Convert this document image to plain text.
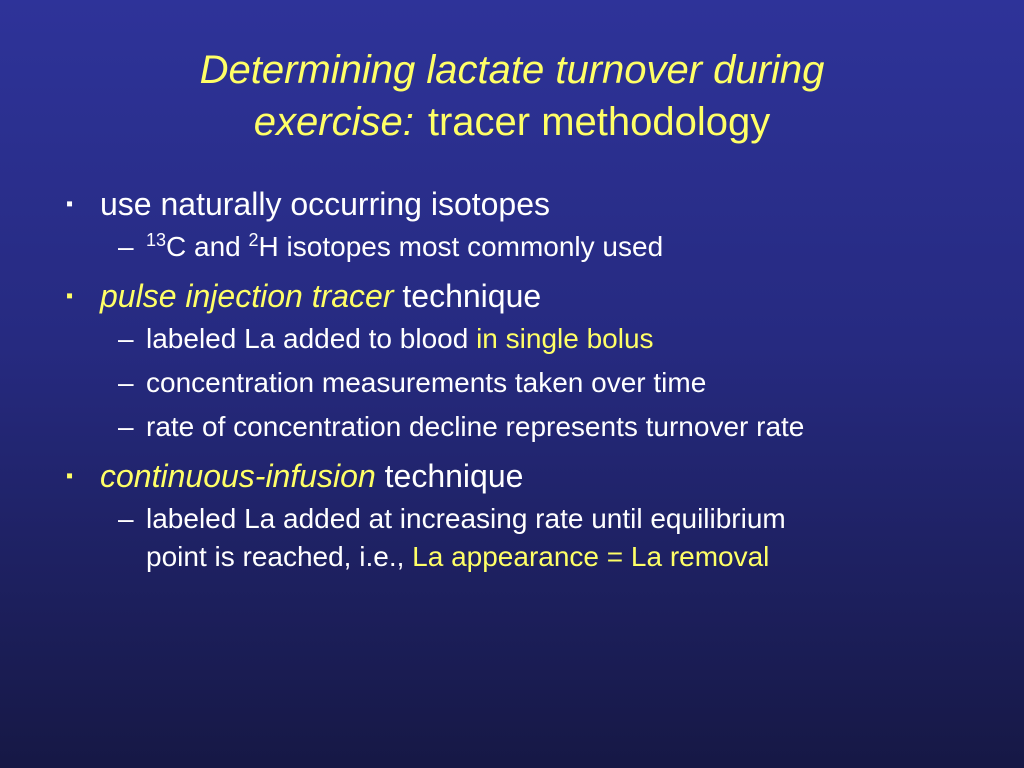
Determining lactate turnover during
exercise: tracer methodology
▪ use naturally occurring isotopes
– $^{13}$C and $^2$H isotopes most commonly used
▪ pulse injection tracer technique
– labeled La added to blood in single bolus
– concentration measurements taken over time
– rate of concentration decline represents turnover rate
▪ continuous-infusion technique
– labeled La added at increasing rate until equilibrium
point is reached, i.e., La appearance = La removal
